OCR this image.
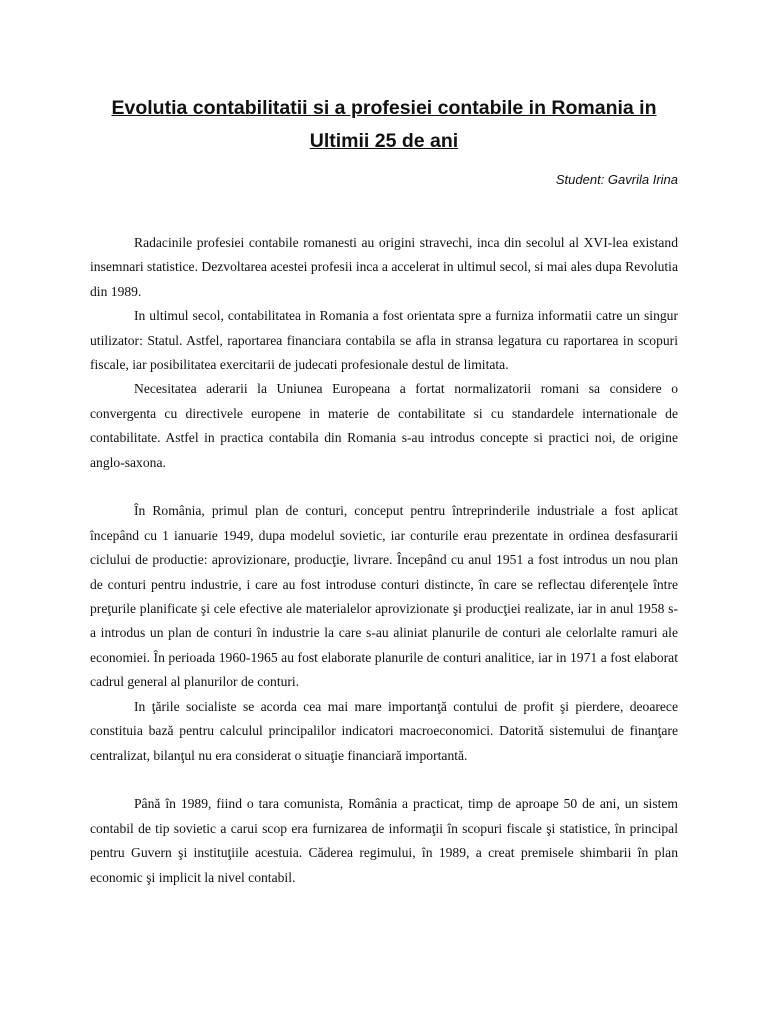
Evolutia contabilitatii si a profesiei contabile in Romania in
Ultimii 25 de ani

Student: Gavrila Irina

Radacinile profesiei contabile romanesti au origini stravechi, inca din secolul al XVI-lea existand insemnari statistice. Dezvoltarea acestei profesii inca a accelerat in ultimul secol, si mai ales dupa Revolutia din 1989.

In ultimul secol, contabilitatea in Romania a fost orientata spre a furniza informatii catre un singur utilizator: Statul. Astfel, raportarea financiara contabila se afla in stransa legatura cu raportarea in scopuri fiscale, iar posibilitatea exercitarii de judecati profesionale destul de limitata.

Necesitatea aderarii la Uniunea Europeana a fortat normalizatorii romani sa considere o convergenta cu directivele europene in materie de contabilitate si cu standardele internationale de contabilitate. Astfel in practica contabila din Romania s-au introdus concepte si practici noi, de origine anglo-saxona.

În România, primul plan de conturi, conceput pentru întreprinderile industriale a fost aplicat începând cu 1 ianuarie 1949, dupa modelul sovietic, iar conturile erau prezentate in ordinea desfasurarii ciclului de productie: aprovizionare, producţie, livrare. Începând cu anul 1951 a fost introdus un nou plan de conturi pentru industrie, i care au fost introduse conturi distincte, în care se reflectau diferenţele între preţurile planificate şi cele efective ale materialelor aprovizionate şi producţiei realizate, iar in anul 1958 s-a introdus un plan de conturi în industrie la care s-au aliniat planurile de conturi ale celorlalte ramuri ale economiei. În perioada 1960-1965 au fost elaborate planurile de conturi analitice, iar in 1971 a fost elaborat cadrul general al planurilor de conturi.

In ţările socialiste se acorda cea mai mare importanţă contului de profit şi pierdere, deoarece constituia bază pentru calculul principalilor indicatori macroeconomici. Datorită sistemului de finanţare centralizat, bilanţul nu era considerat o situaţie financiară importantă.

Până în 1989, fiind o tara comunista, România a practicat, timp de aproape 50 de ani, un sistem contabil de tip sovietic a carui scop era furnizarea de informaţii în scopuri fiscale şi statistice, în principal pentru Guvern şi instituţiile acestuia. Căderea regimului, în 1989, a creat premisele shimbarii în plan economic şi implicit la nivel contabil.
